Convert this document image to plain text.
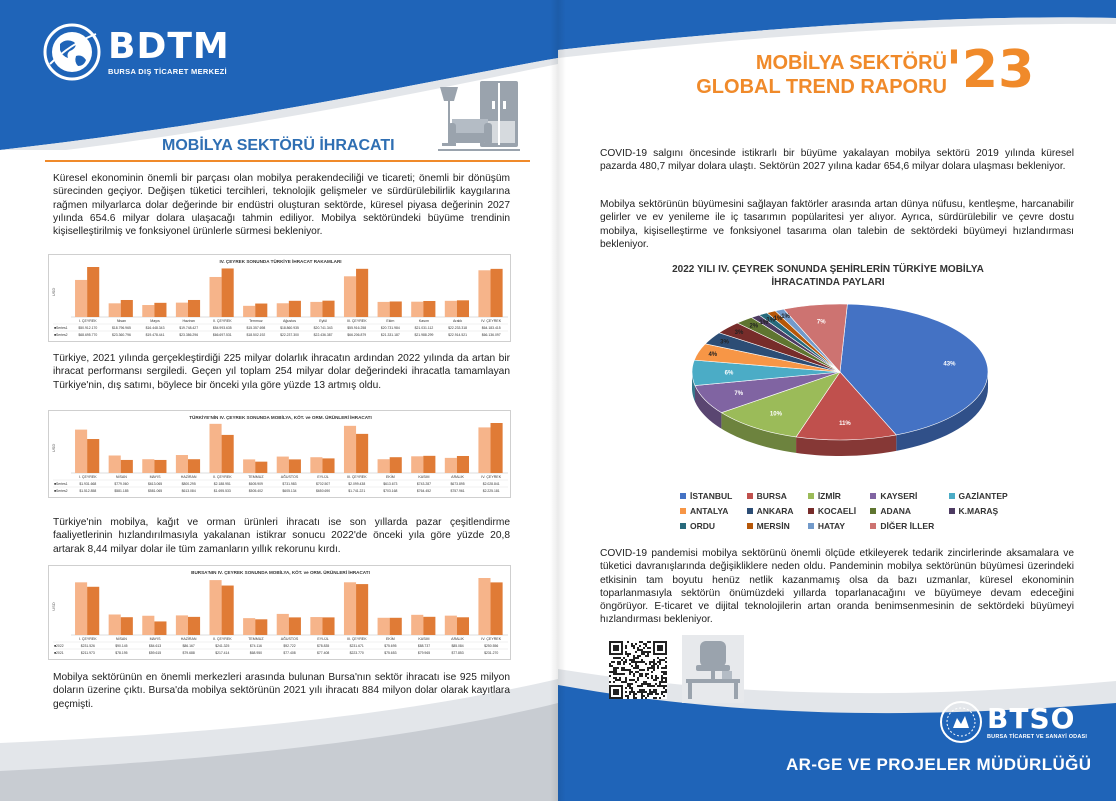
BDTM
BURSA DIŞ TİCARET MERKEZİ
MOBİLYA SEKTÖRÜ İHRACATI

Küresel ekonominin önemli bir parçası olan mobilya perakendeciliği ve ticareti; önemli bir dönüşüm sürecinden geçiyor. Değişen tüketici tercihleri, teknolojik gelişmeler ve sürdürülebilirlik kaygılarına rağmen milyarlarca dolar değerinde bir endüstri oluşturan sektörde, küresel piyasa değerinin 2027 yılında 654.6 milyar dolara ulaşacağı tahmin ediliyor. Mobilya sektöründeki büyüme trendinin kişiselleştirilmiş ve fonksiyonel ürünlerle sürmesi bekleniyor.

IV. ÇEYREK SONUNDA TÜRKİYE İHRACAT RAKAMLARI
USD
I. ÇEYREK	Nisan	Mayıs	Haziran	II. ÇEYREK	Temmuz	Ağustos	Eylül	III. ÇEYREK	Ekim	Kasım	Aralık	IV. ÇEYREK
■Series1	$50.912.170	$18.796.965	$16.448.343	$19.748.427	$54.993.635	$15.357.698	$18.860.935	$20.741.343	$55.916.258	$20.731.984	$21.031.112	$22.233.318	$64.183.415
■Series2	$68.695.770	$23.360.796	$19.478.441	$23.386.296	$66.697.531	$18.502.192	$22.237.300	$22.436.387	$66.206.879	$21.331.187	$21.988.299	$22.914.521	$66.136.097

Türkiye, 2021 yılında gerçekleştirdiği 225 milyar dolarlık ihracatın ardından 2022 yılında da artan bir ihracat performansı sergiledi. Geçen yıl toplam 254 milyar dolar değerindeki ihracatla tamamlayan Türkiye'nin, dış satımı, böylece bir önceki yıla göre yüzde 13 artmış oldu.

TÜRKİYE'NİN IV. ÇEYREK SONUNDA MOBİLYA, KÖT. ve ORM. ÜRÜNLERİ İHRACATI
USD
I. ÇEYREK	NİSAN	MAYIS	HAZİRAN	II. ÇEYREK	TEMMUZ	AĞUSTOS	EYLÜL	III. ÇEYREK	EKİM	KASIM	ARALIK	IV. ÇEYREK
■Series1	$1.931.668	$779.060	$613.065	$800.295	$2.188.951	$605.909	$731.983	$702.507	$2.099.438	$613.673	$743.287	$673.895	$2.028.841
■Series2	$1.512.858	$581.185	$581.065	$613.084	$1.695.533	$505.402	$605.134	$650.690	$1.741.221	$703.168	$764.452	$757.961	$2.225.181

Türkiye'nin mobilya, kağıt ve orman ürünleri ihracatı ise son yıllarda pazar çeşitlendirme faaliyetlerinin hızlandırılmasıyla yakalanan istikrar sonucu 2022'de önceki yıla göre yüzde 20,8 artarak 8,44 milyar dolar ile tüm zamanların yıllık rekorunu kırdı.

BURSA'NIN IV. ÇEYREK SONUNDA MOBİLYA, KÖT. ve ORM. ÜRÜNLERİ İHRACATI
USD
I. ÇEYREK	NİSAN	MAYIS	HAZİRAN	II. ÇEYREK	TEMMUZ	AĞUSTOS	EYLÜL	III. ÇEYREK	EKİM	KASIM	ARALIK	IV. ÇEYREK
■2022	$231.526	$90.145	$84.613	$86.167	$241.325	$74.116	$92.722	$78.835	$231.671	$75.695	$88.737	$85.084	$250.556
■2021	$211.973	$78.195	$59.615	$79.688	$217.414	$68.950	$77.408	$77.408	$223.770	$75.653	$79.965	$77.853	$231.270

Mobilya sektörünün en önemli merkezleri arasında bulunan Bursa'nın sektör ihracatı ise 925 milyon doların üzerine çıktı. Bursa'da mobilya sektörünün 2021 yılı ihracatı 884 milyon dolar olarak kayıtlara geçmişti.

MOBİLYA SEKTÖRÜ
GLOBAL TREND RAPORU '23

COVID-19 salgını öncesinde istikrarlı bir büyüme yakalayan mobilya sektörü 2019 yılında küresel pazarda 480,7 milyar dolara ulaştı. Sektörün 2027 yılına kadar 654,6 milyar dolara ulaşması bekleniyor.

Mobilya sektörünün büyümesini sağlayan faktörler arasında artan dünya nüfusu, kentleşme, harcanabilir gelirler ve ev yenileme ile iç tasarımın popülaritesi yer alıyor. Ayrıca, sürdürülebilir ve çevre dostu mobilya, kişiselleştirme ve fonksiyonel tasarıma olan talebin de sektördeki büyümeyi hızlandırması bekleniyor.

2022 YILI IV. ÇEYREK SONUNDA ŞEHİRLERİN TÜRKİYE MOBİLYA İHRACATINDA PAYLARI
43%
11%
10%
7%
6%
4%
3%
3%
2%
1%
1%
1%
1%
7%
İSTANBUL	BURSA	İZMİR	KAYSERİ	GAZİANTEP
ANTALYA	ANKARA	KOCAELİ	ADANA	K.MARAŞ
ORDU	MERSİN	HATAY	DİĞER İLLER

COVID-19 pandemisi mobilya sektörünü önemli ölçüde etkileyerek tedarik zincirlerinde aksamalara ve tüketici davranışlarında değişikliklere neden oldu. Pandeminin mobilya sektörünün büyümesi üzerindeki etkisinin tam boyutu henüz netlik kazanmamış olsa da bazı uzmanlar, küresel ekonominin toparlanmasıyla sektörün önümüzdeki yıllarda toparlanacağını ve büyümeye devam edeceğini öngörüyor. E-ticaret ve dijital teknolojilerin artan oranda benimsenmesinin de sektördeki büyümeyi hızlandırması bekleniyor.

BTSO
BURSA TİCARET VE SANAYİ ODASI
AR-GE VE PROJELER MÜDÜRLÜĞÜ
